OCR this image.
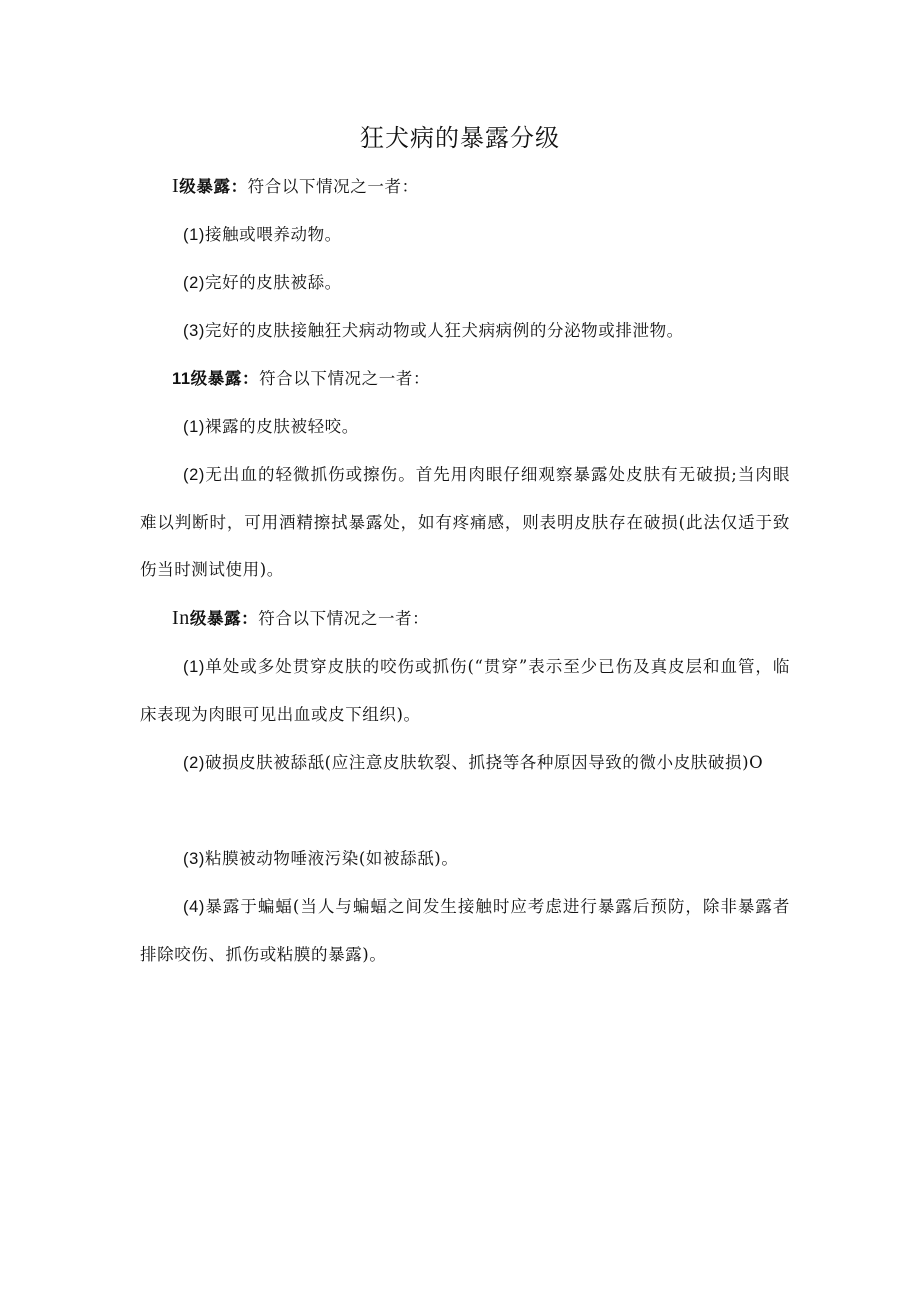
狂犬病的暴露分级
I级暴露：符合以下情况之一者：
(1)接触或喂养动物。
(2)完好的皮肤被舔。
(3)完好的皮肤接触狂犬病动物或人狂犬病病例的分泌物或排泄物。
11级暴露：符合以下情况之一者：
(1)裸露的皮肤被轻咬。
(2)无出血的轻微抓伤或擦伤。首先用肉眼仔细观察暴露处皮肤有无破损;当肉眼难以判断时，可用酒精擦拭暴露处，如有疼痛感，则表明皮肤存在破损(此法仅适于致伤当时测试使用)。
In级暴露：符合以下情况之一者：
(1)单处或多处贯穿皮肤的咬伤或抓伤(“贯穿”表示至少已伤及真皮层和血管，临床表现为肉眼可见出血或皮下组织)。
(2)破损皮肤被舔舐(应注意皮肤软裂、抓挠等各种原因导致的微小皮肤破损)O
(3)粘膜被动物唾液污染(如被舔舐)。
(4)暴露于蝙蝠(当人与蝙蝠之间发生接触时应考虑进行暴露后预防，除非暴露者排除咬伤、抓伤或粘膜的暴露)。
